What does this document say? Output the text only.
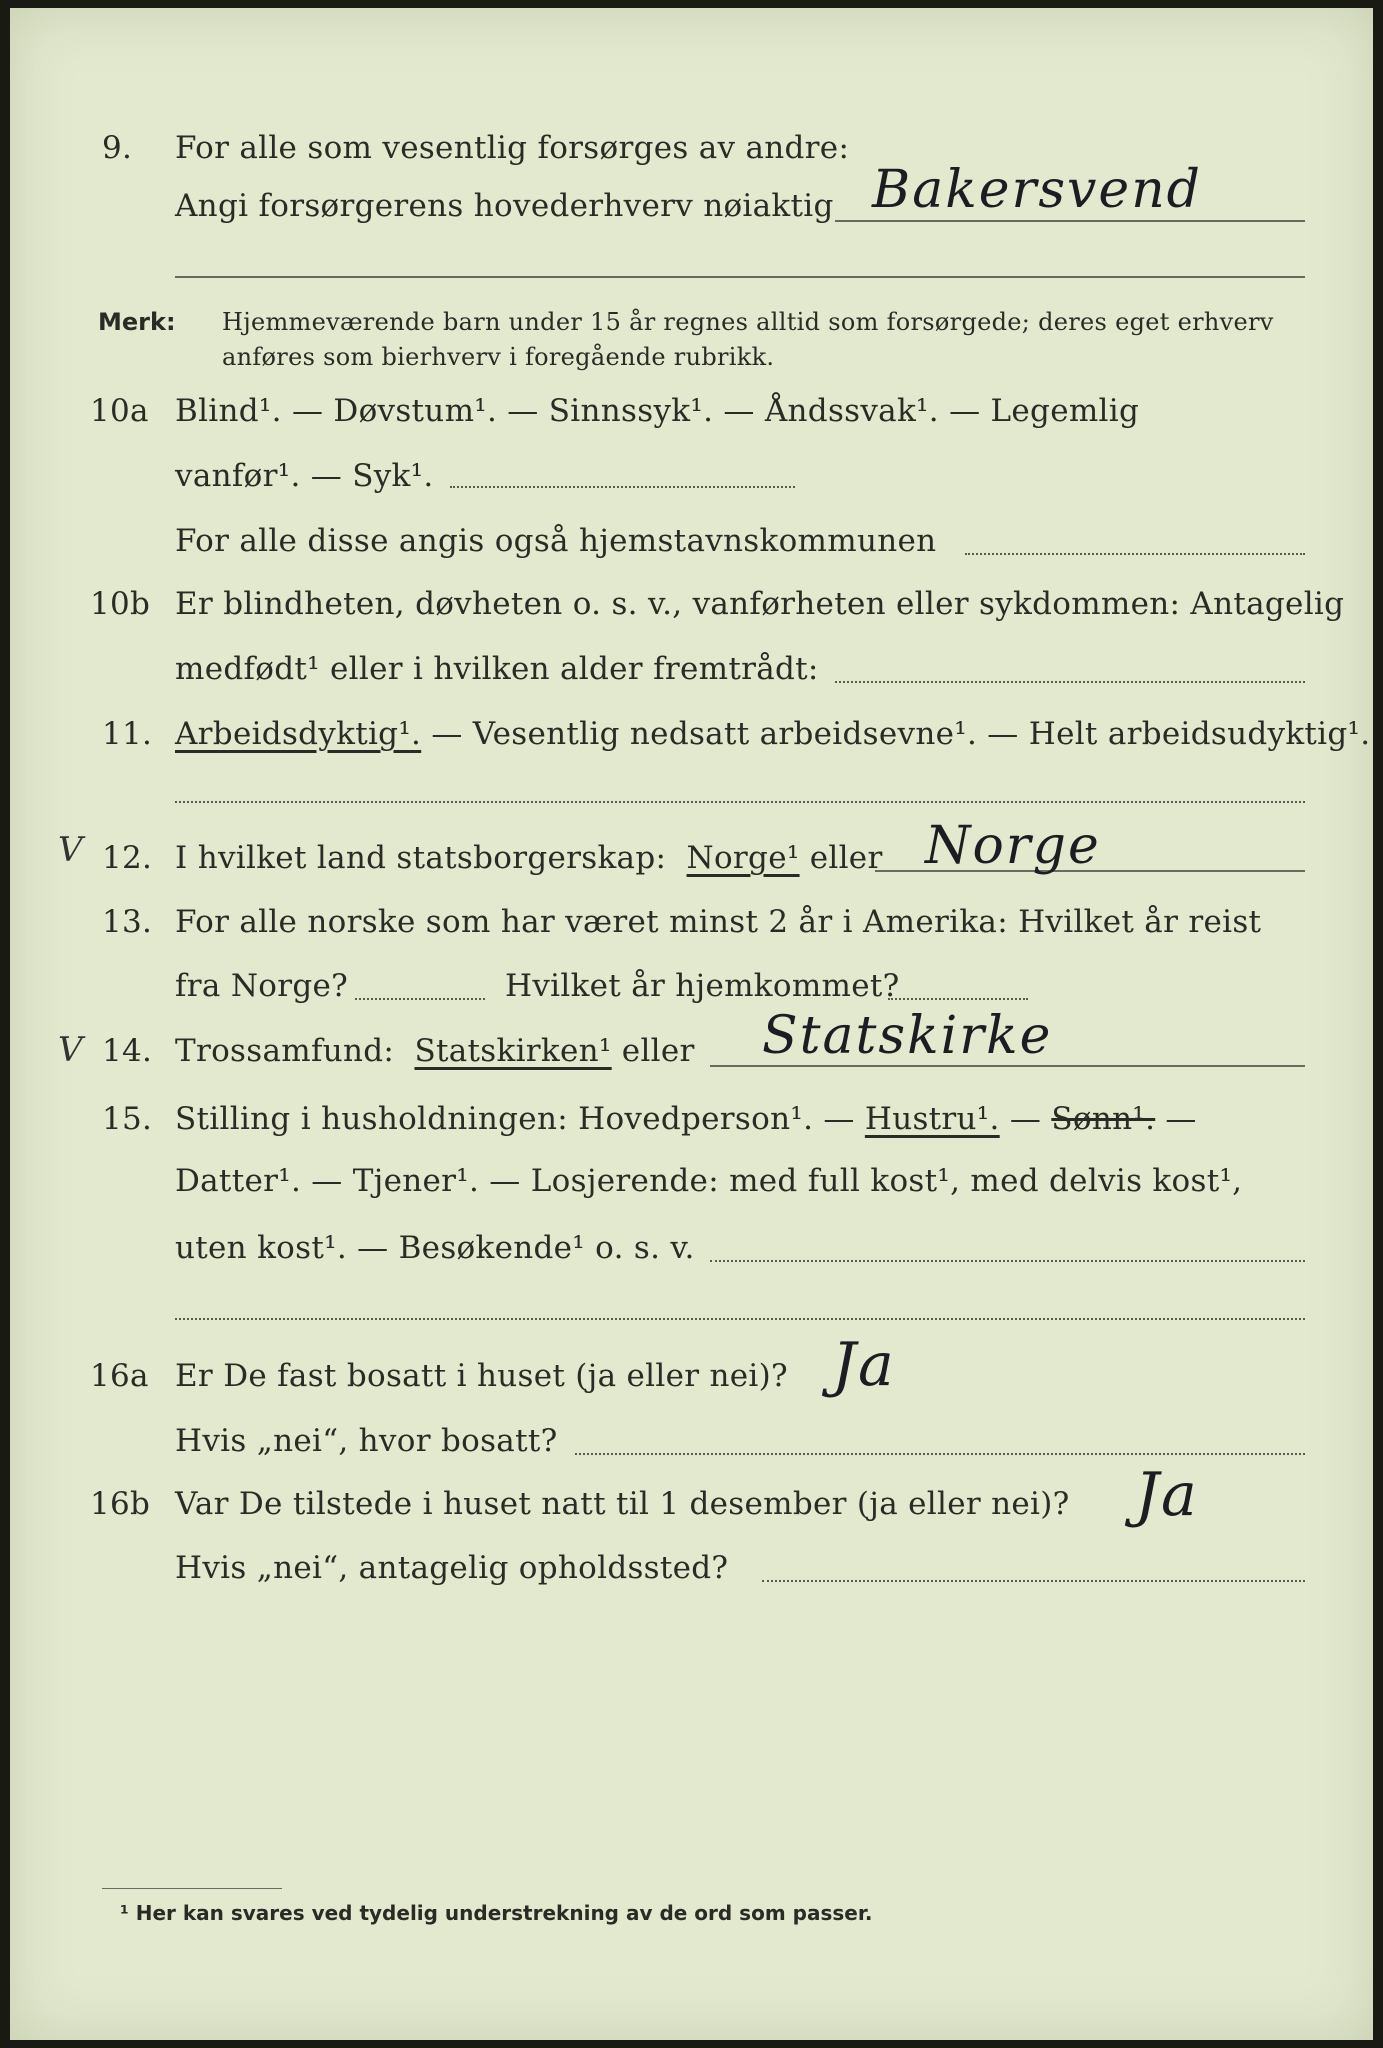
9. For alle som vesentlig forsørges av andre:
Angi forsørgerens hovederhverv nøiaktig Bakersvend
Merk: Hjemmeværende barn under 15 år regnes alltid som forsørgede; deres eget erhverv
anføres som bierhverv i foregående rubrikk.
10a Blind¹. — Døvstum¹. — Sinnssyk¹. — Åndssvak¹. — Legemlig
vanfør¹. — Syk¹.
For alle disse angis også hjemstavnskommunen
10b Er blindheten, døvheten o. s. v., vanførheten eller sykdommen: Antagelig
medfødt¹ eller i hvilken alder fremtrådt:
11. Arbeidsdyktig¹. — Vesentlig nedsatt arbeidsevne¹. — Helt arbeidsudyktig¹.
V 12. I hvilket land statsborgerskap: Norge¹ eller Norge
13. For alle norske som har været minst 2 år i Amerika: Hvilket år reist
fra Norge?	Hvilket år hjemkommet?
V 14. Trossamfund: Statskirken¹ eller Statskirke
15. Stilling i husholdningen: Hovedperson¹. — Hustru¹. — Sønn¹. —
Datter¹. — Tjener¹. — Losjerende: med full kost¹, med delvis kost¹,
uten kost¹. — Besøkende¹ o. s. v.
16a Er De fast bosatt i huset (ja eller nei)? Ja
Hvis „nei“, hvor bosatt?
16b Var De tilstede i huset natt til 1 desember (ja eller nei)? Ja
Hvis „nei“, antagelig opholdssted?
¹ Her kan svares ved tydelig understrekning av de ord som passer.
